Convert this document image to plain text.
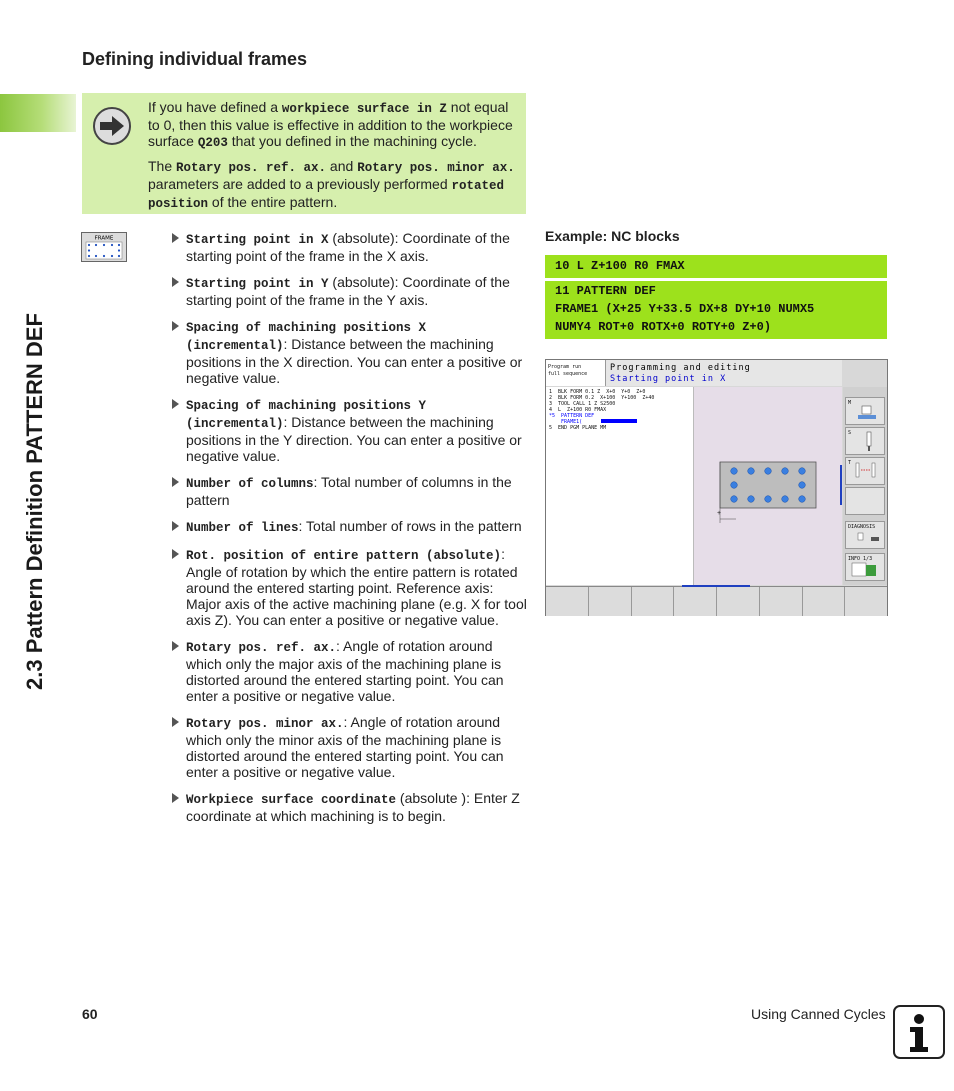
2.3 Pattern Definition PATTERN DEF
Defining individual frames

If you have defined a workpiece surface in Z not equal to 0, then this value is effective in addition to the workpiece surface Q203 that you defined in the machining cycle.

The Rotary pos. ref. ax. and Rotary pos. minor ax. parameters are added to a previously performed rotated position of the entire pattern.

FRAME	Starting point in X (absolute): Coordinate of the starting point of the frame in the X axis.
Starting point in Y (absolute): Coordinate of the starting point of the frame in the Y axis.
Spacing of machining positions X (incremental): Distance between the machining positions in the X direction. You can enter a positive or negative value.
Spacing of machining positions Y (incremental): Distance between the machining positions in the Y direction. You can enter a positive or negative value.
Number of columns: Total number of columns in the pattern
Number of lines: Total number of rows in the pattern
Rot. position of entire pattern (absolute): Angle of rotation by which the entire pattern is rotated around the entered starting point. Reference axis: Major axis of the active machining plane (e.g. X for tool axis Z). You can enter a positive or negative value.
Rotary pos. ref. ax.: Angle of rotation around which only the major axis of the machining plane is distorted around the entered starting point. You can enter a positive or negative value.
Rotary pos. minor ax.: Angle of rotation around which only the minor axis of the machining plane is distorted around the entered starting point. You can enter a positive or negative value.
Workpiece surface coordinate (absolute ): Enter Z coordinate at which machining is to begin.
Example: NC blocks
10 L Z+100 R0 FMAX
11 PATTERN DEF
FRAME1 (X+25 Y+33.5 DX+8 DY+10 NUMX5
NUMY4 ROT+0 ROTX+0 ROTY+0 Z+0)
Program run
full sequence
Programming and editing
Starting point in X
1  BLK FORM 0.1 Z  X+0  Y+0  Z+0
2  BLK FORM 0.2  X+100  Y+100  Z+40
3  TOOL CALL 1 Z S2500
4  L  Z+100 R0 FMAX
*5  PATTERN DEF
FRAME1(
5  END PGM PLANE MM
+
M
S
T
DIAGNOSIS
INFO 1/3
60	Using Canned Cycles
